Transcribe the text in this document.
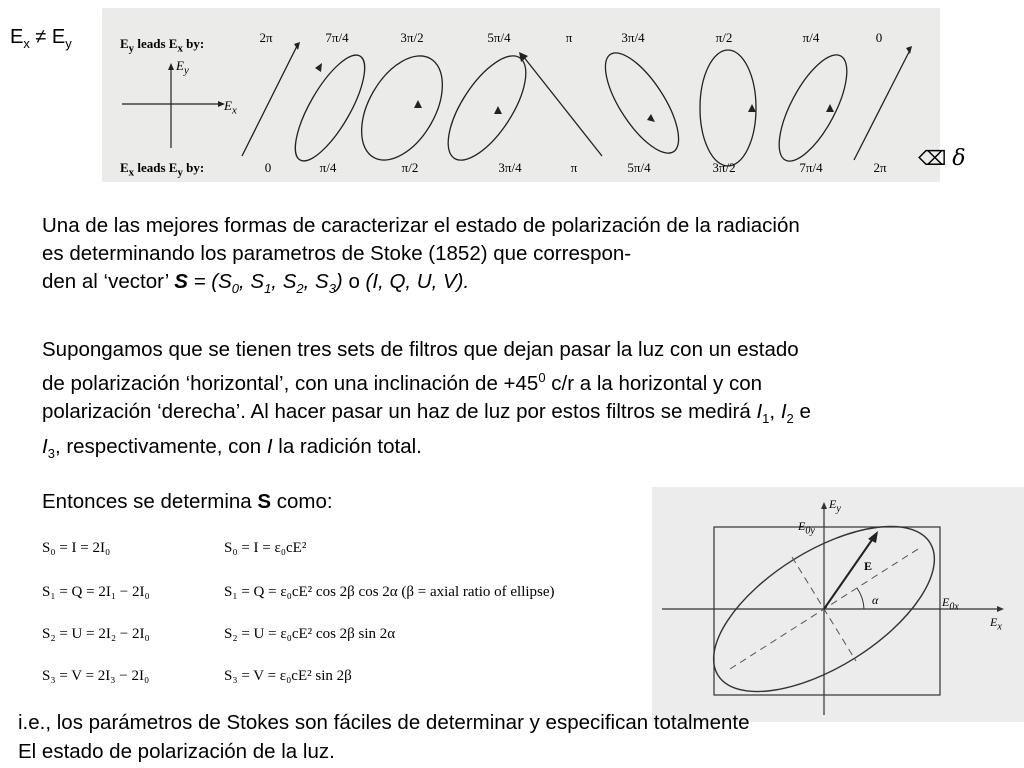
$E_x \ne E_y$	$E_y$ leads $E_x$ by:
$E_x$ leads $E_y$ by:
$E_y$
$E_x$
2π	7π/4	3π/2	5π/4	π	3π/4	π/2	π/4	0
0	π/4	π/2	3π/4	π	5π/4	3π/2	7π/4	2π ⌫ δ
Una de las mejores formas de caracterizar el estado de polarización de la radiación
es determinando los parametros de Stoke (1852) que correspon-
den al ‘vector’ $S = (S_0$, $S_1$, $S_2$, $S_3$) o (I, Q, U, V).
Supongamos que se tienen tres sets de filtros que dejan pasar la luz con un estado
de polarización ‘horizontal’, con una inclinación de $+45^0$ c/r a la horizontal y con
polarización ‘derecha’. Al hacer pasar un haz de luz por estos filtros se medirá $I_1$, $I_2$ e
$I_3$, respectivamente, con I la radición total.
Entonces se determina S como:
S₀ = I = 2I₀	S₀ = I = ε₀cE²
S₁ = Q = 2I₁ − 2I₀	S₁ = Q = ε₀cE² cos 2β cos 2α (β = axial ratio of ellipse)
S₂ = U = 2I₂ − 2I₀	S₂ = U = ε₀cE² cos 2β sin 2α
S₃ = V = 2I₃ − 2I₀	S₃ = V = ε₀cE² sin 2β
$E_y$
$E_{0y}$
E
α	$E_{0x}$
$E_x$
i.e., los parámetros de Stokes son fáciles de determinar y especifican totalmente
El estado de polarización de la luz.
